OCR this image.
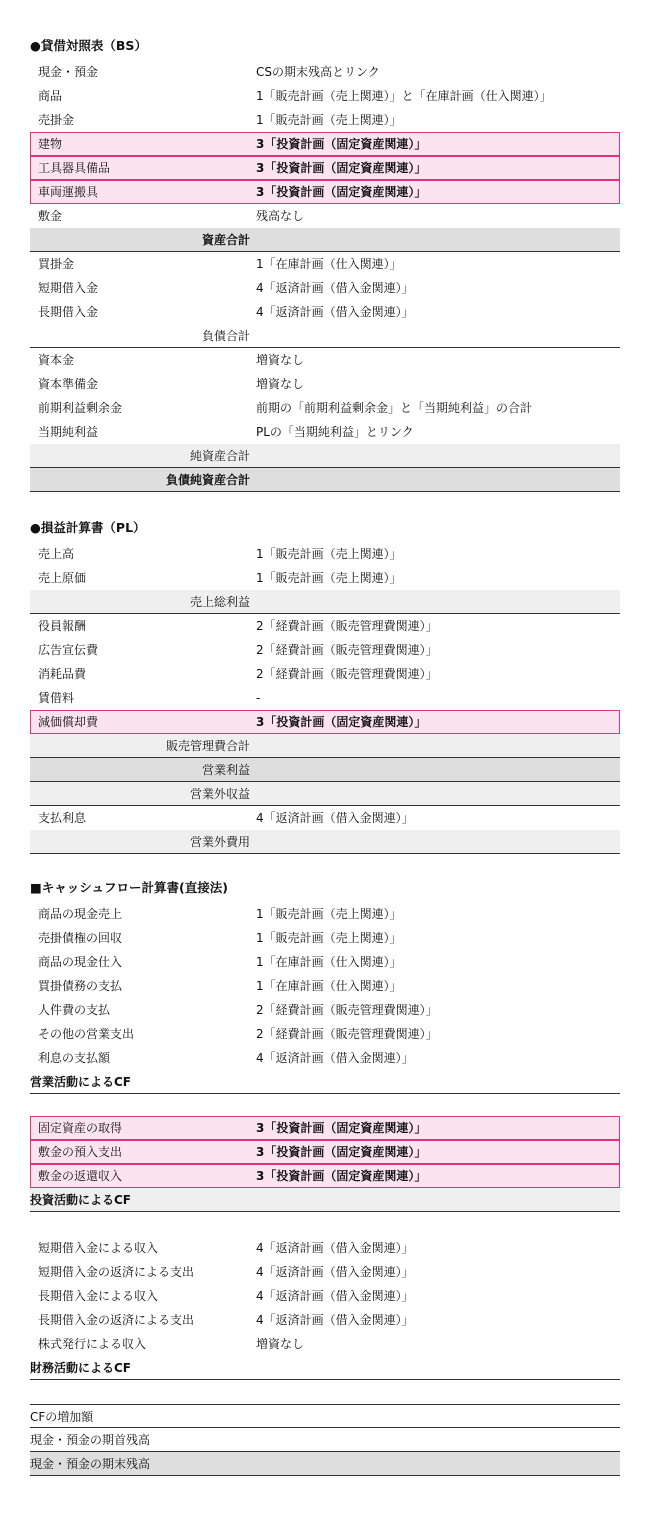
●貸借対照表（BS）
現金・預金	CSの期末残高とリンク
商品	1「販売計画（売上関連）」と「在庫計画（仕入関連）」
売掛金	1「販売計画（売上関連）」
建物	3「投資計画（固定資産関連）」
工具器具備品	3「投資計画（固定資産関連）」
車両運搬具	3「投資計画（固定資産関連）」
敷金	残高なし
資産合計
買掛金	1「在庫計画（仕入関連）」
短期借入金	4「返済計画（借入金関連）」
長期借入金	4「返済計画（借入金関連）」
負債合計
資本金	増資なし
資本準備金	増資なし
前期利益剰余金	前期の「前期利益剰余金」と「当期純利益」の合計
当期純利益	PLの「当期純利益」とリンク
純資産合計
負債純資産合計
●損益計算書（PL）
売上高	1「販売計画（売上関連）」
売上原価	1「販売計画（売上関連）」
売上総利益
役員報酬	2「経費計画（販売管理費関連）」
広告宣伝費	2「経費計画（販売管理費関連）」
消耗品費	2「経費計画（販売管理費関連）」
賃借料	-
減価償却費	3「投資計画（固定資産関連）」
販売管理費合計
営業利益
営業外収益
支払利息	4「返済計画（借入金関連）」
営業外費用
■キャッシュフロー計算書(直接法)
商品の現金売上	1「販売計画（売上関連）」
売掛債権の回収	1「販売計画（売上関連）」
商品の現金仕入	1「在庫計画（仕入関連）」
買掛債務の支払	1「在庫計画（仕入関連）」
人件費の支払	2「経費計画（販売管理費関連）」
その他の営業支出	2「経費計画（販売管理費関連）」
利息の支払額	4「返済計画（借入金関連）」
営業活動によるCF
固定資産の取得	3「投資計画（固定資産関連）」
敷金の預入支出	3「投資計画（固定資産関連）」
敷金の返還収入	3「投資計画（固定資産関連）」
投資活動によるCF
短期借入金による収入	4「返済計画（借入金関連）」
短期借入金の返済による支出	4「返済計画（借入金関連）」
長期借入金による収入	4「返済計画（借入金関連）」
長期借入金の返済による支出	4「返済計画（借入金関連）」
株式発行による収入	増資なし
財務活動によるCF
CFの増加額
現金・預金の期首残高
現金・預金の期末残高
